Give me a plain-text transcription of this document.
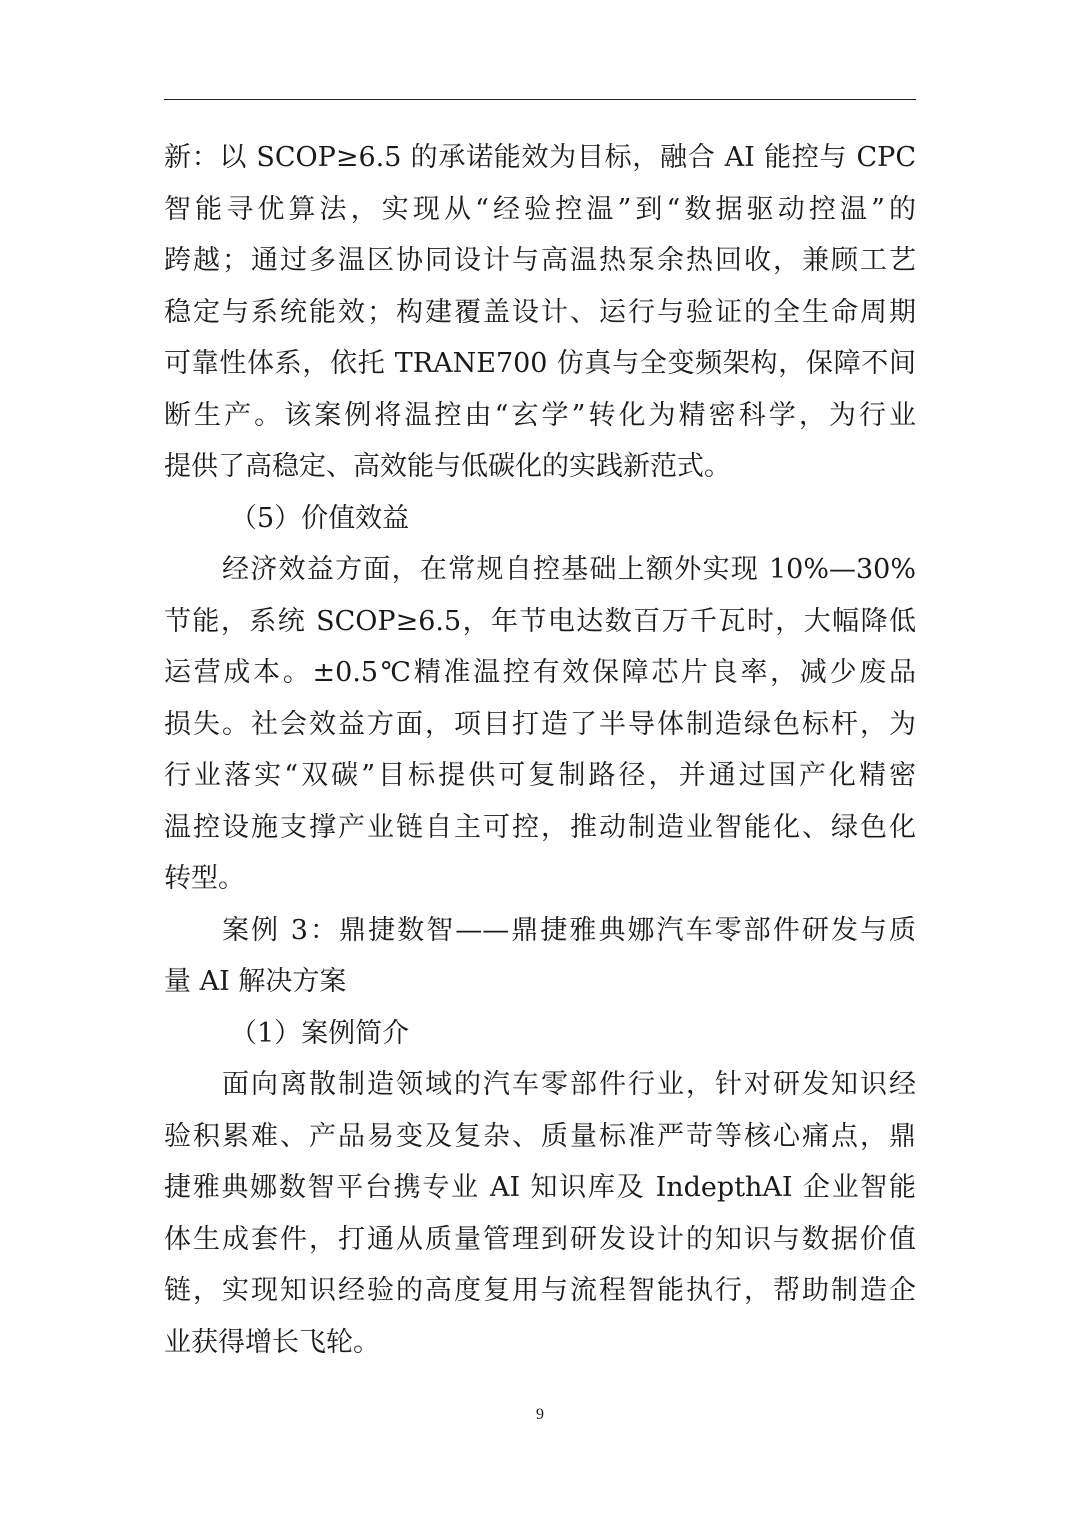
新：以 SCOP≥6.5 的承诺能效为目标，融合 AI 能控与 CPC
智能寻优算法，实现从“经验控温”到“数据驱动控温”的
跨越；通过多温区协同设计与高温热泵余热回收，兼顾工艺
稳定与系统能效；构建覆盖设计、运行与验证的全生命周期
可靠性体系，依托 TRANE700 仿真与全变频架构，保障不间
断生产。该案例将温控由“玄学”转化为精密科学，为行业
提供了高稳定、高效能与低碳化的实践新范式。
（5）价值效益
经济效益方面，在常规自控基础上额外实现 10%—30%
节能，系统 SCOP≥6.5，年节电达数百万千瓦时，大幅降低
运营成本。±0.5℃精准温控有效保障芯片良率，减少废品
损失。社会效益方面，项目打造了半导体制造绿色标杆，为
行业落实“双碳”目标提供可复制路径，并通过国产化精密
温控设施支撑产业链自主可控，推动制造业智能化、绿色化
转型。
案例 3：鼎捷数智——鼎捷雅典娜汽车零部件研发与质
量 AI 解决方案
（1）案例简介
面向离散制造领域的汽车零部件行业，针对研发知识经
验积累难、产品易变及复杂、质量标准严苛等核心痛点，鼎
捷雅典娜数智平台携专业 AI 知识库及 IndepthAI 企业智能
体生成套件，打通从质量管理到研发设计的知识与数据价值
链，实现知识经验的高度复用与流程智能执行，帮助制造企
业获得增长飞轮。
9
